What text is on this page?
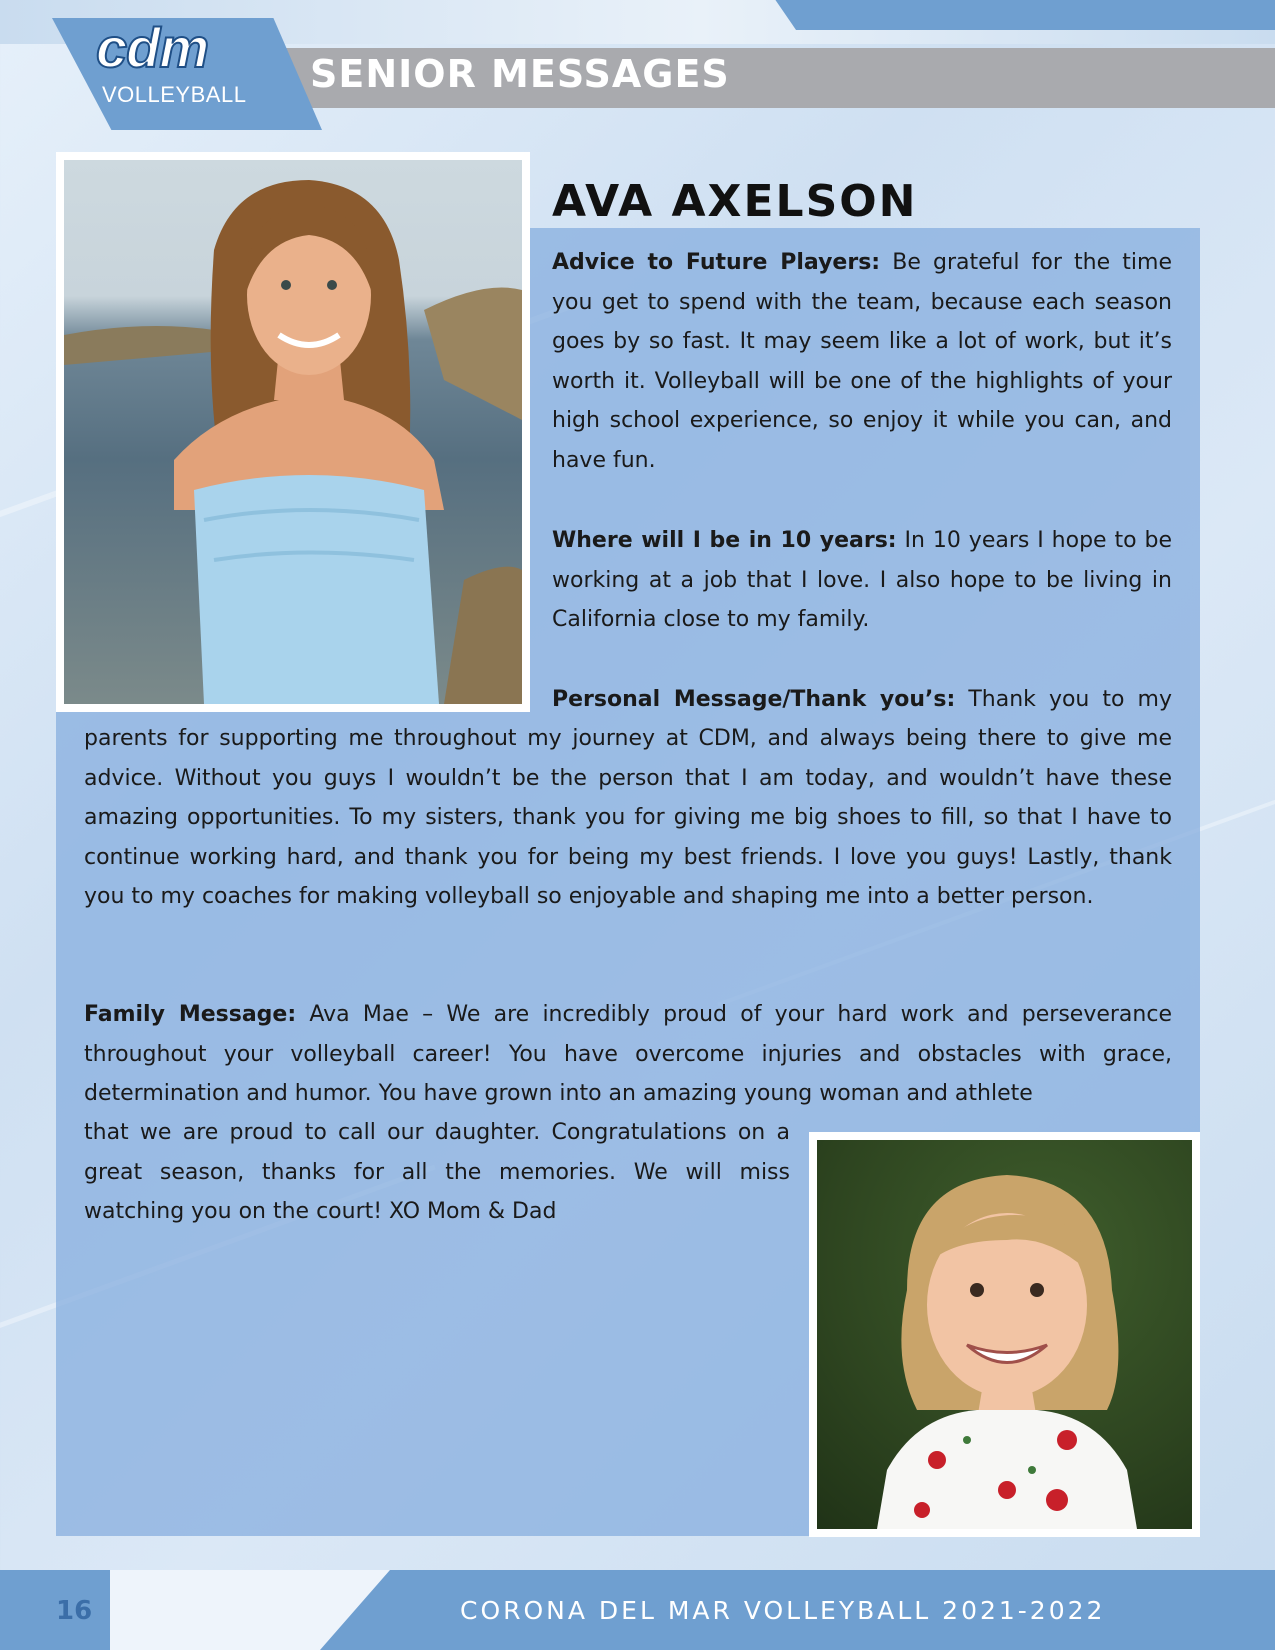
SENIOR MESSAGES
cdm
VOLLEYBALL
AVA AXELSON

Advice to Future Players: Be grateful for the time you get to spend with the team, because each season goes by so fast. It may seem like a lot of work, but it’s worth it. Volleyball will be one of the highlights of your high school experience, so enjoy it while you can, and have fun.

Where will I be in 10 years: In 10 years I hope to be working at a job that I love. I also hope to be living in California close to my family.

Personal Message/Thank you’s: Thank you to my

parents for supporting me throughout my journey at CDM, and always being there to give me advice. Without you guys I wouldn’t be the person that I am today, and wouldn’t have these amazing opportunities. To my sisters, thank you for giving me big shoes to fill, so that I have to continue working hard, and thank you for being my best friends. I love you guys! Lastly, thank you to my coaches for making volleyball so enjoyable and shaping me into a better person.

Family Message: Ava Mae – We are incredibly proud of your hard work and perseverance throughout your volleyball career! You have overcome injuries and obstacles with grace, determination and humor. You have grown into an amazing young woman and athlete

that we are proud to call our daughter. Congratulations on a great season, thanks for all the memories. We will miss watching you on the court! XO Mom & Dad

16	CORONA DEL MAR VOLLEYBALL 2021-2022
